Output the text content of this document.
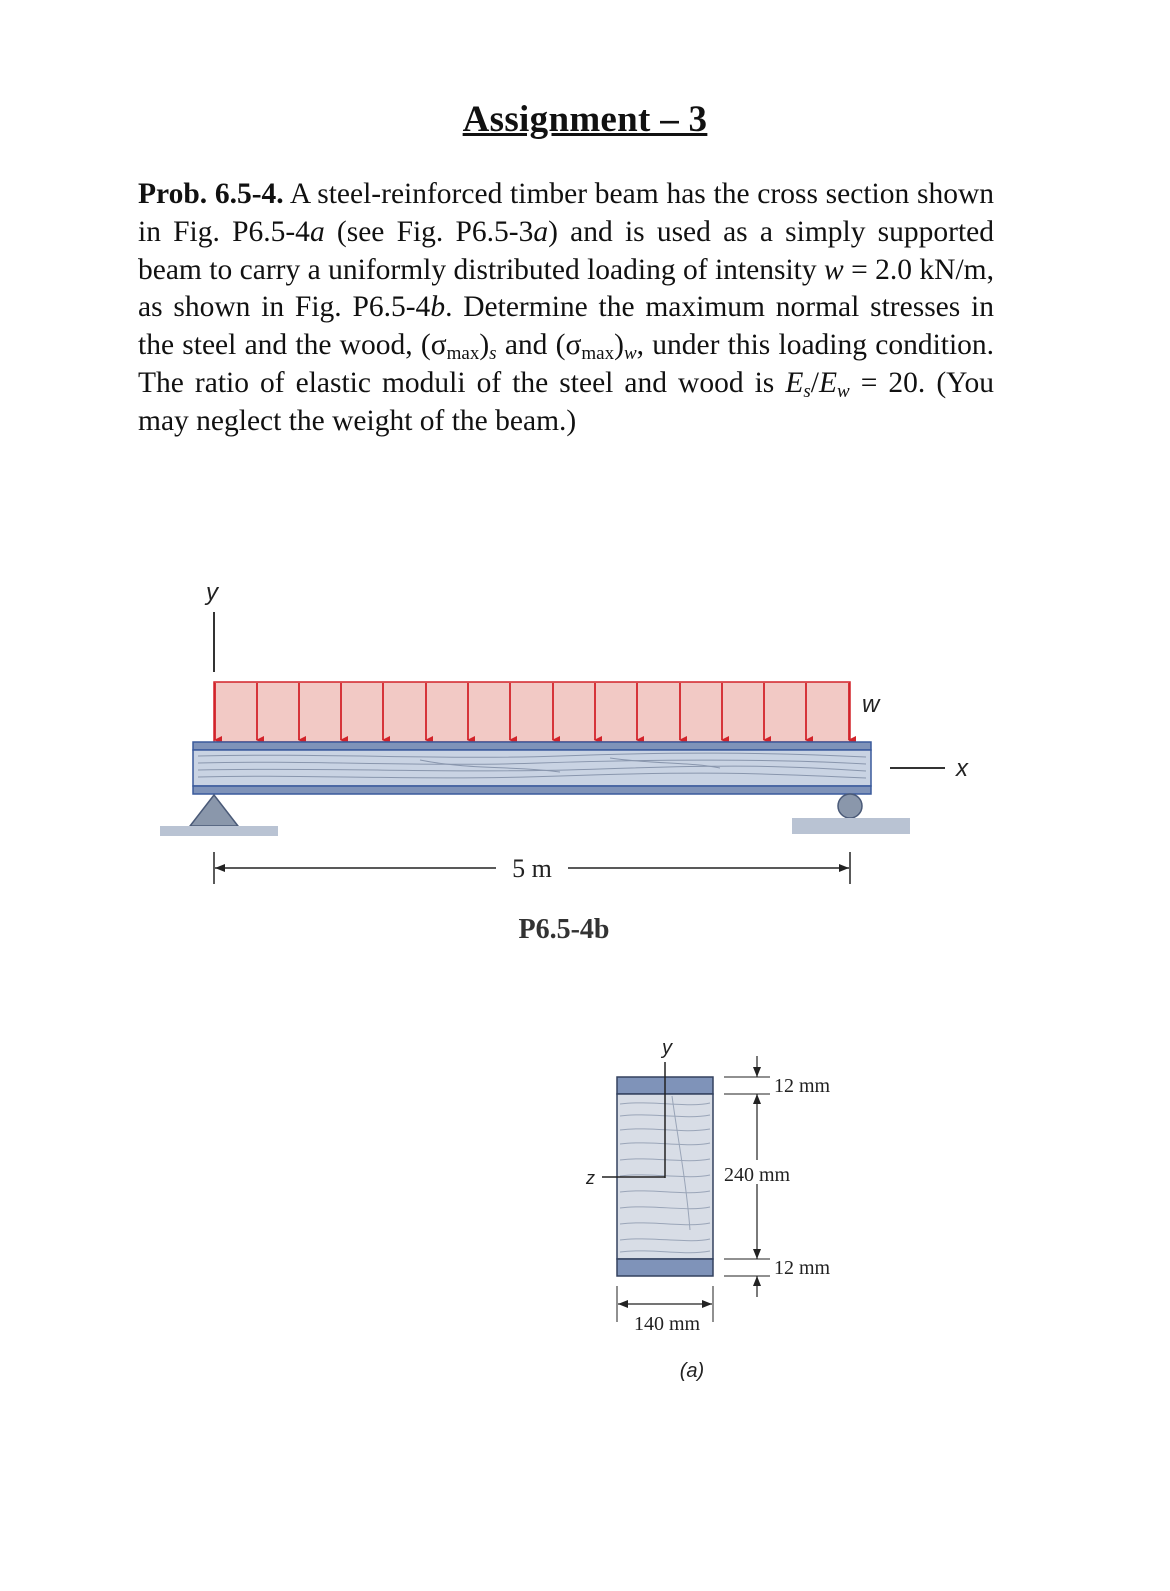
Assignment – 3
Prob. 6.5-4. A steel-reinforced timber beam has the cross section shown in Fig. P6.5-4a (see Fig. P6.5-3a) and is used as a simply supported beam to carry a uniformly distributed loading of intensity w = 2.0 kN/m, as shown in Fig. P6.5-4b. Determine the maximum normal stresses in the steel and the wood, $(\sigma_{max})_s$ and $(\sigma_{max})_w$, under this loading condition. The ratio of elastic moduli of the steel and wood is $E_s/E_w = 20$. (You may neglect the weight of the beam.)
y
w
x
5 m
P6.5-4b
y
z
12 mm
240 mm
12 mm
140 mm
(a)
